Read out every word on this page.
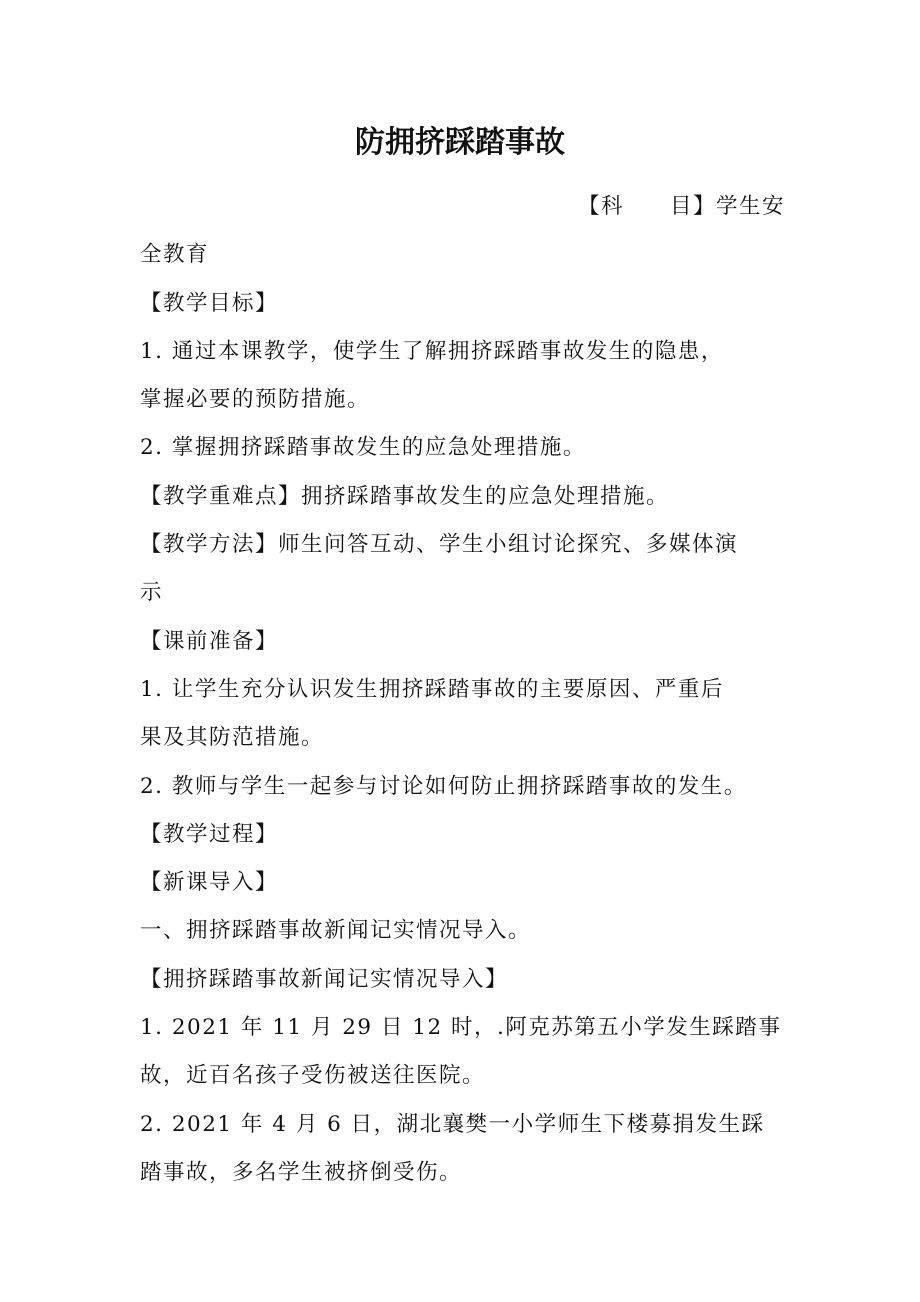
防拥挤踩踏事故
【科　　目】学生安
全教育
【教学目标】
1. 通过本课教学，使学生了解拥挤踩踏事故发生的隐患，
掌握必要的预防措施。
2. 掌握拥挤踩踏事故发生的应急处理措施。
【教学重难点】拥挤踩踏事故发生的应急处理措施。
【教学方法】师生问答互动、学生小组讨论探究、多媒体演
示
【课前准备】
1. 让学生充分认识发生拥挤踩踏事故的主要原因、严重后
果及其防范措施。
2. 教师与学生一起参与讨论如何防止拥挤踩踏事故的发生。
【教学过程】
【新课导入】
一、拥挤踩踏事故新闻记实情况导入。
【拥挤踩踏事故新闻记实情况导入】
1. 2021 年 11 月 29 日 12 时，.阿克苏第五小学发生踩踏事
故，近百名孩子受伤被送往医院。
2. 2021 年 4 月 6 日，湖北襄樊一小学师生下楼募捐发生踩
踏事故，多名学生被挤倒受伤。
